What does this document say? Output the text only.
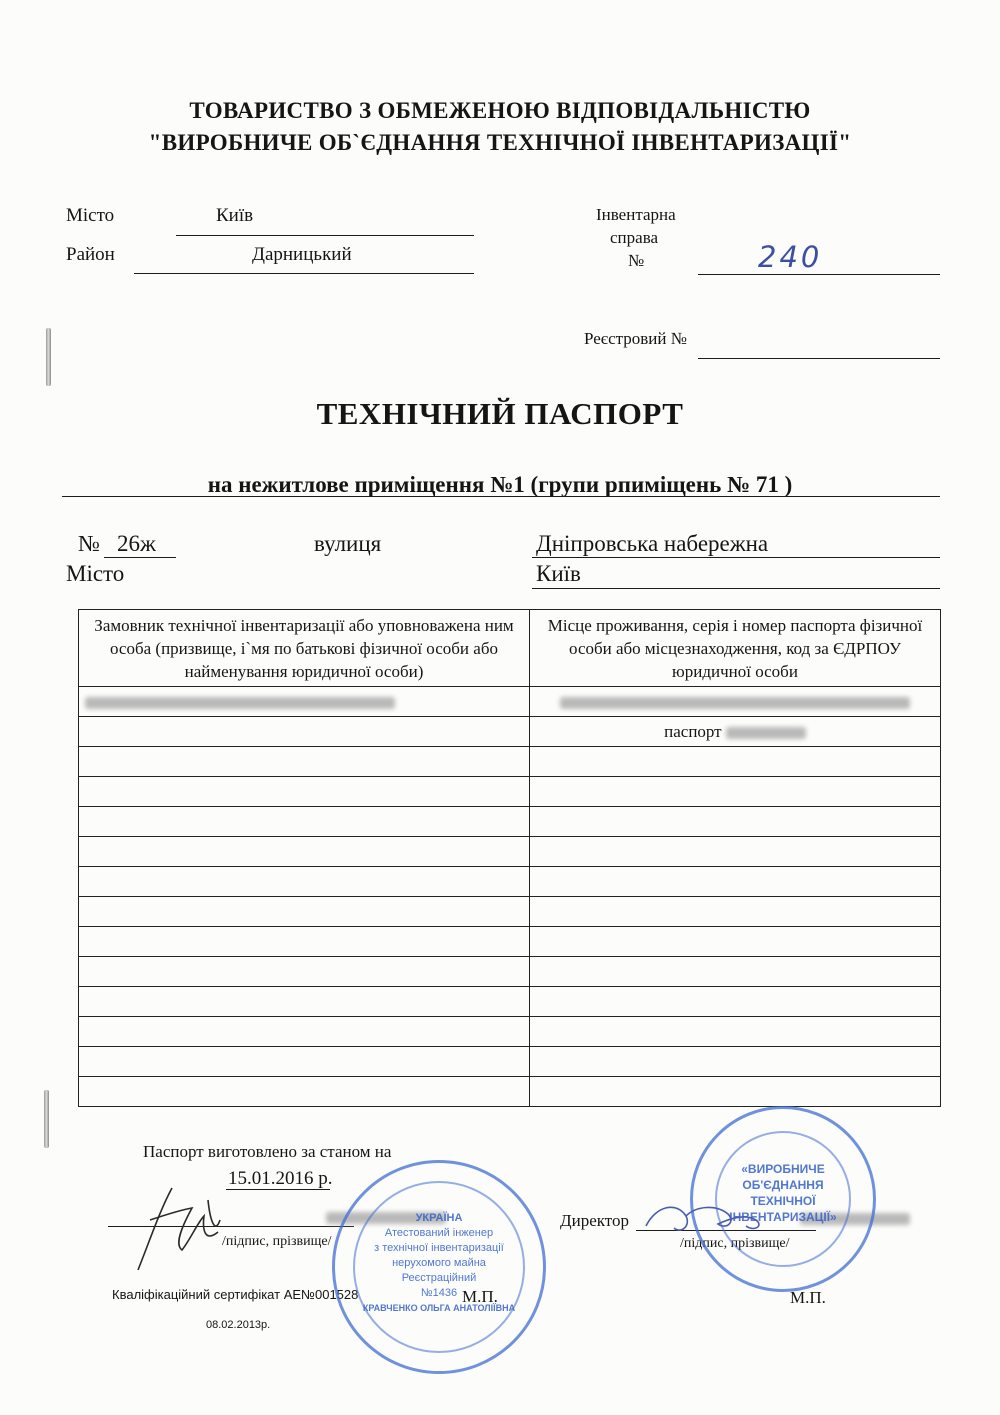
ТОВАРИСТВО З ОБМЕЖЕНОЮ ВІДПОВІДАЛЬНІСТЮ
"ВИРОБНИЧЕ ОБ`ЄДНАННЯ ТЕХНІЧНОЇ ІНВЕНТАРИЗАЦІЇ"
Місто	Київ
Район	Дарницький
Інвентарна
справа
№	240
Реєстровий №
ТЕХНІЧНИЙ ПАСПОРТ
на нежитлове приміщення №1 (групи рпиміщень № 71 )
№ 26ж	вулиця	Дніпровська набережна
Місто	Київ
Замовник технічної інвентаризації або уповноважена ним особа (призвище, і`мя по батькові фізичної особи або найменування юридичної особи)	Місце проживання, серія і номер паспорта фізичної особи або місцезнаходження, код за ЄДРПОУ юридичної особи

	паспорт

Паспорт виготовлено за станом на
15.01.2016 р.
/підпис, прізвище/
Кваліфікаційний сертифікат АЕ№001528	М.П.
08.02.2013р.
УКРАЇНА
Атестований інженер
з технічної інвентаризації
нерухомого майна
Реєстраційний
№1436
КРАВЧЕНКО ОЛЬГА АНАТОЛІЇВНА
Директор
/підпис, прізвище/
М.П.
«ВИРОБНИЧЕ
ОБ'ЄДНАННЯ
ТЕХНІЧНОЇ
ІНВЕНТАРИЗАЦІЇ»
